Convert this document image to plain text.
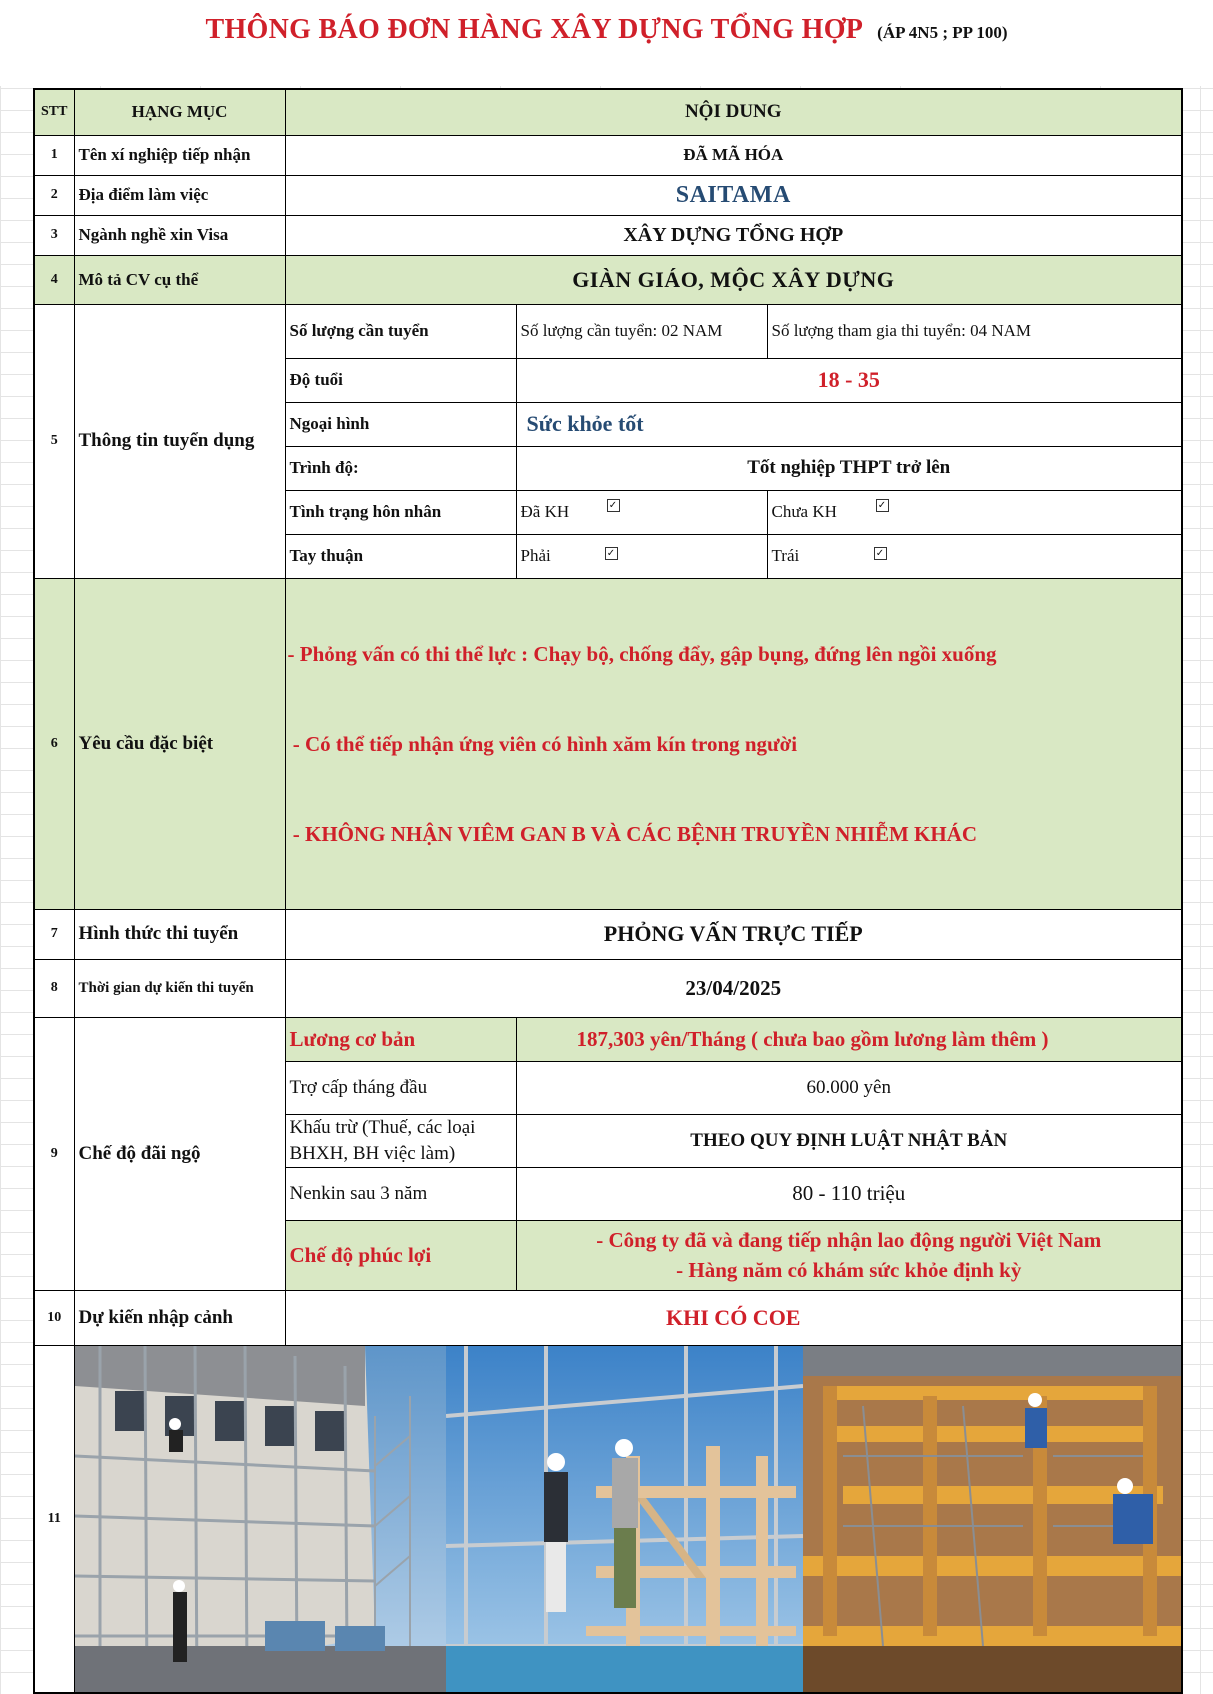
THÔNG BÁO ĐƠN HÀNG XÂY DỰNG TỔNG HỢP (ÁP 4N5 ; PP 100)
STT	HẠNG MỤC	NỘI DUNG		
1	Tên xí nghiệp tiếp nhận	ĐÃ MÃ HÓA		
2	Địa điểm làm việc	SAITAMA		
3	Ngành nghề xin Visa	XÂY DỰNG TỔNG HỢP		
4	Mô tả CV cụ thể	GIÀN GIÁO, MỘC XÂY DỰNG		
5	Thông tin tuyển dụng	Số lượng cần tuyển	Số lượng cần tuyển: 02 NAM	Số lượng tham gia thi tuyển: 04 NAM
		Độ tuổi	18 - 35	
		Ngoại hình	Sức khỏe tốt	
		Trình độ:	Tốt nghiệp THPT trở lên	
		Tình trạng hôn nhân	Đã KH ✓	Chưa KH ✓

		Tay thuận	Phải ✓	Trái ✓

6	Yêu cầu đặc biệt	- Phỏng vấn có thi thể lực : Chạy bộ, chống đẩy, gập bụng, đứng lên ngồi xuống

- Có thể tiếp nhận ứng viên có hình xăm kín trong người

- KHÔNG NHẬN VIÊM GAN B VÀ CÁC BỆNH TRUYỀN NHIỄM KHÁC		

7	Hình thức thi tuyển	PHỎNG VẤN TRỰC TIẾP		
8	Thời gian dự kiến thi tuyển	23/04/2025		
9	Chế độ đãi ngộ	Lương cơ bản	187,303 yên/Tháng ( chưa bao gồm lương làm thêm )	
		Trợ cấp tháng đầu	60.000 yên	
		Khấu trừ (Thuế, các loại BHXH, BH việc làm)	THEO QUY ĐỊNH LUẬT NHẬT BẢN	
		Nenkin sau 3 năm	80 - 110 triệu	
		Chế độ phúc lợi	- Công ty đã và đang tiếp nhận lao động người Việt Nam
- Hàng năm có khám sức khỏe định kỳ	

10	Dự kiến nhập cảnh	KHI CÓ COE		
11	
